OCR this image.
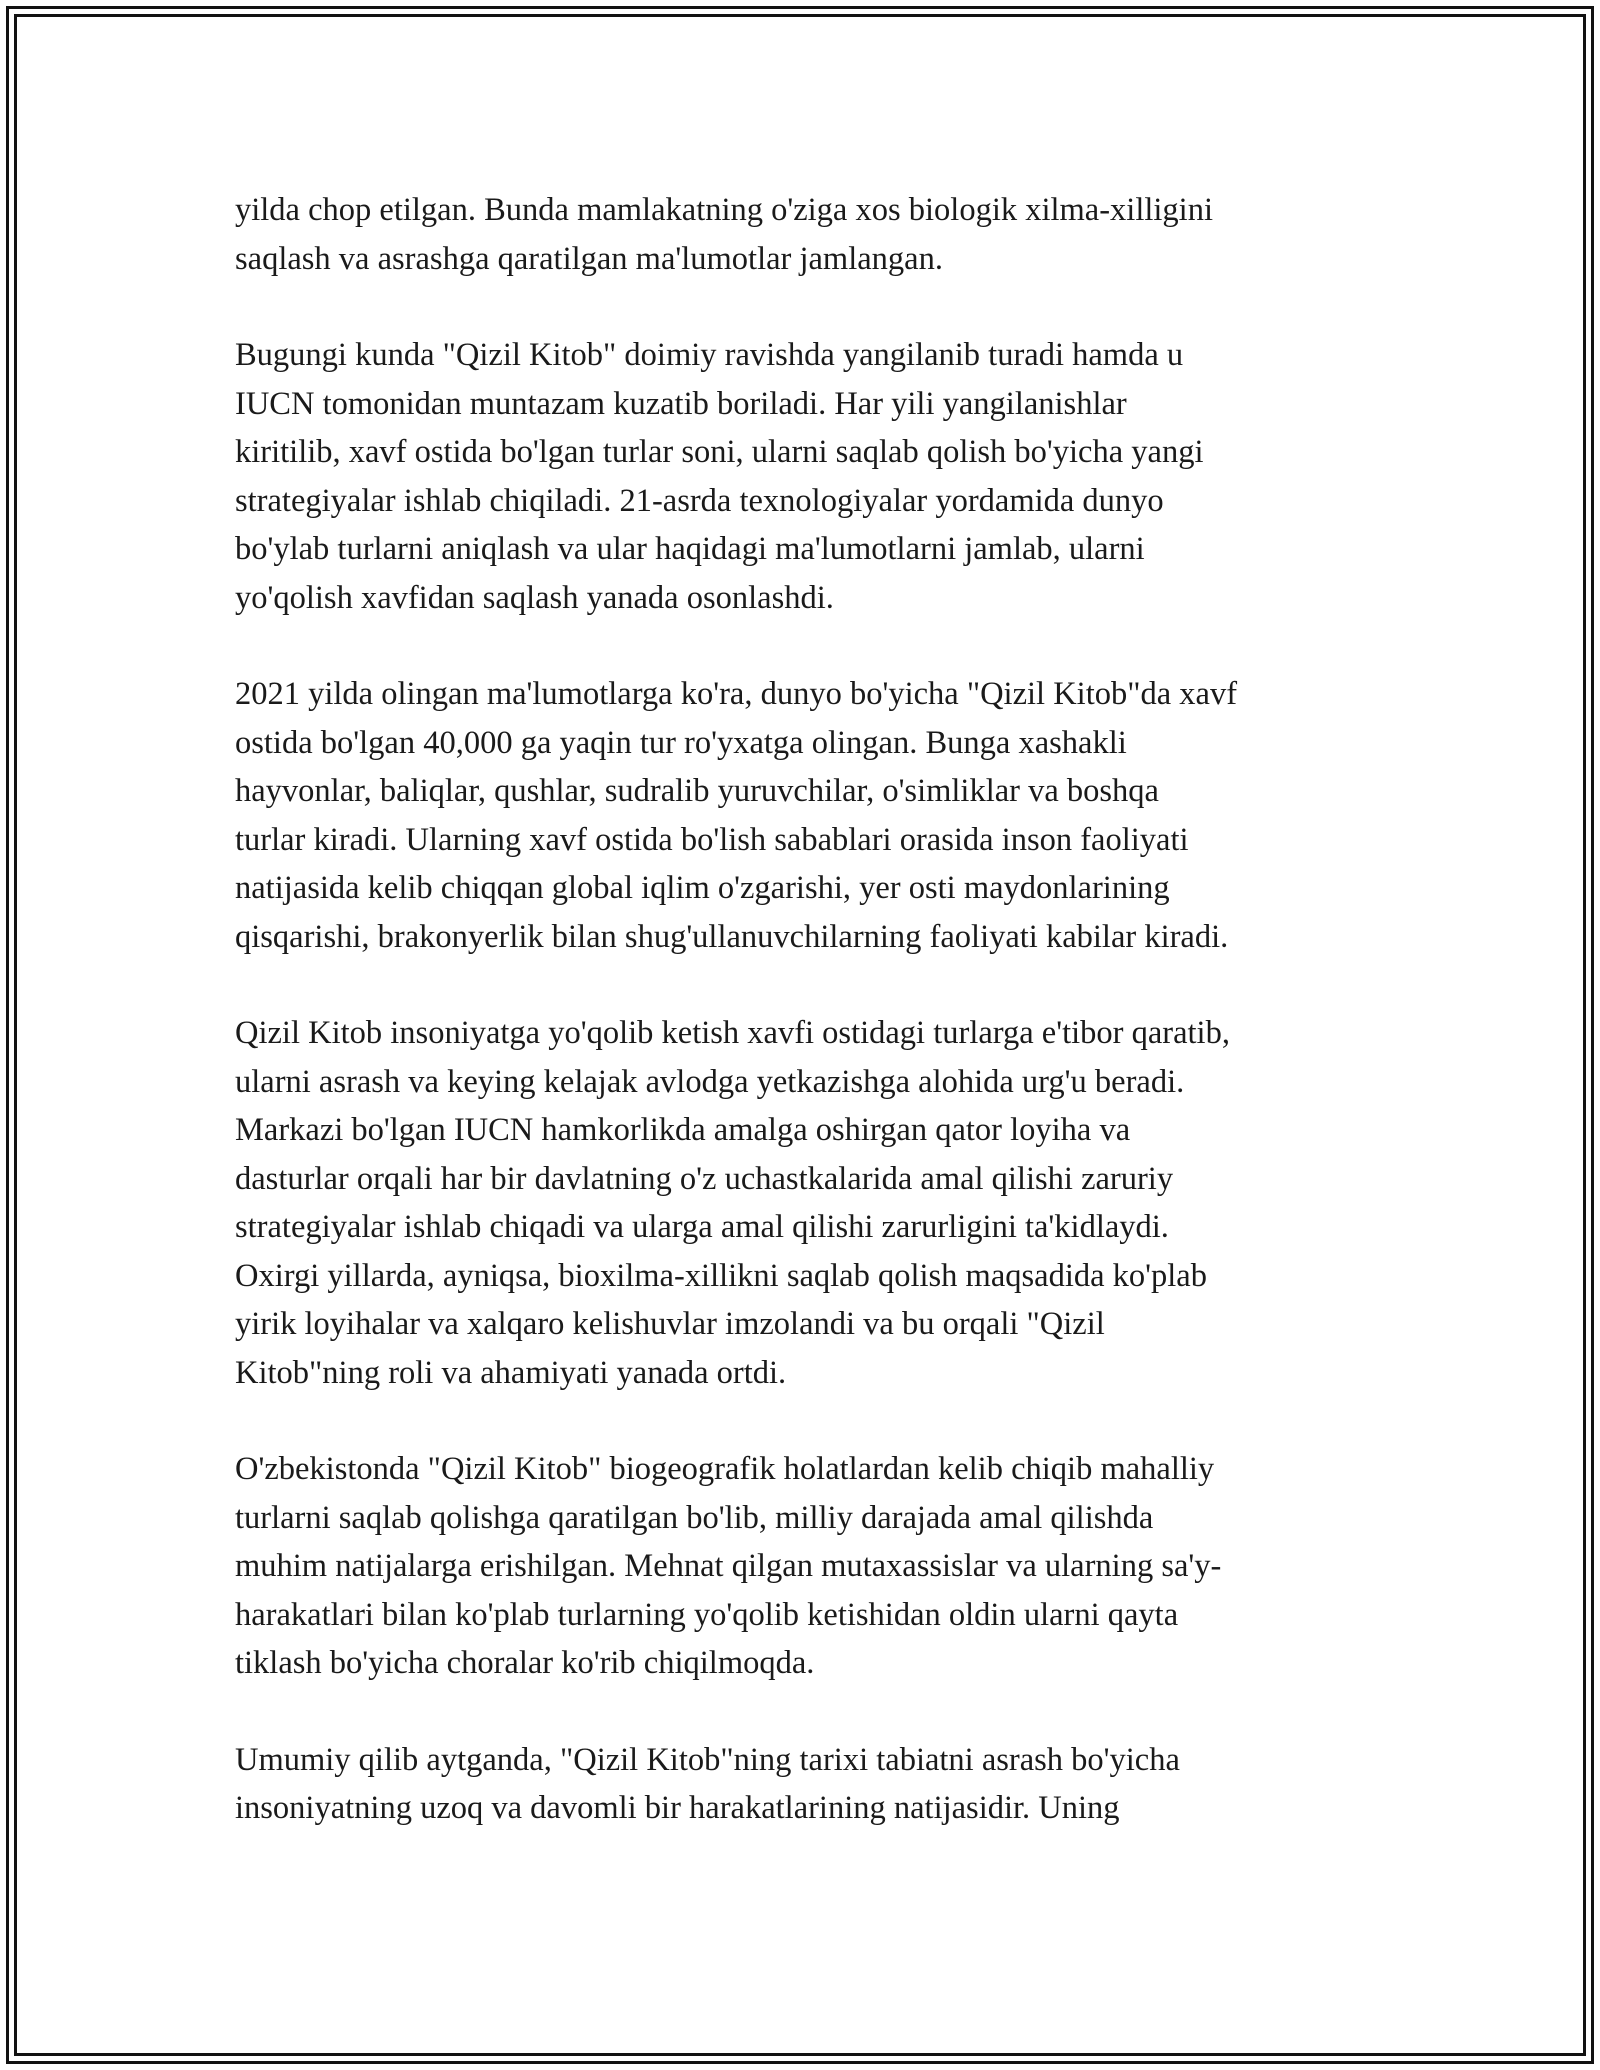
yilda chop etilgan. Bunda mamlakatning o'ziga xos biologik xilma-xilligini
saqlash va asrashga qaratilgan ma'lumotlar jamlangan.

Bugungi kunda "Qizil Kitob" doimiy ravishda yangilanib turadi hamda u
IUCN tomonidan muntazam kuzatib boriladi. Har yili yangilanishlar
kiritilib, xavf ostida bo'lgan turlar soni, ularni saqlab qolish bo'yicha yangi
strategiyalar ishlab chiqiladi. 21-asrda texnologiyalar yordamida dunyo
bo'ylab turlarni aniqlash va ular haqidagi ma'lumotlarni jamlab, ularni
yo'qolish xavfidan saqlash yanada osonlashdi.

2021 yilda olingan ma'lumotlarga ko'ra, dunyo bo'yicha "Qizil Kitob"da xavf
ostida bo'lgan 40,000 ga yaqin tur ro'yxatga olingan. Bunga xashakli
hayvonlar, baliqlar, qushlar, sudralib yuruvchilar, o'simliklar va boshqa
turlar kiradi. Ularning xavf ostida bo'lish sabablari orasida inson faoliyati
natijasida kelib chiqqan global iqlim o'zgarishi, yer osti maydonlarining
qisqarishi, brakonyerlik bilan shug'ullanuvchilarning faoliyati kabilar kiradi.

Qizil Kitob insoniyatga yo'qolib ketish xavfi ostidagi turlarga e'tibor qaratib,
ularni asrash va keying kelajak avlodga yetkazishga alohida urg'u beradi.
Markazi bo'lgan IUCN hamkorlikda amalga oshirgan qator loyiha va
dasturlar orqali har bir davlatning o'z uchastkalarida amal qilishi zaruriy
strategiyalar ishlab chiqadi va ularga amal qilishi zarurligini ta'kidlaydi.
Oxirgi yillarda, ayniqsa, bioxilma-xillikni saqlab qolish maqsadida ko'plab
yirik loyihalar va xalqaro kelishuvlar imzolandi va bu orqali "Qizil
Kitob"ning roli va ahamiyati yanada ortdi.

O'zbekistonda "Qizil Kitob" biogeografik holatlardan kelib chiqib mahalliy
turlarni saqlab qolishga qaratilgan bo'lib, milliy darajada amal qilishda
muhim natijalarga erishilgan. Mehnat qilgan mutaxassislar va ularning sa'y-
harakatlari bilan ko'plab turlarning yo'qolib ketishidan oldin ularni qayta
tiklash bo'yicha choralar ko'rib chiqilmoqda.

Umumiy qilib aytganda, "Qizil Kitob"ning tarixi tabiatni asrash bo'yicha
insoniyatning uzoq va davomli bir harakatlarining natijasidir. Uning
